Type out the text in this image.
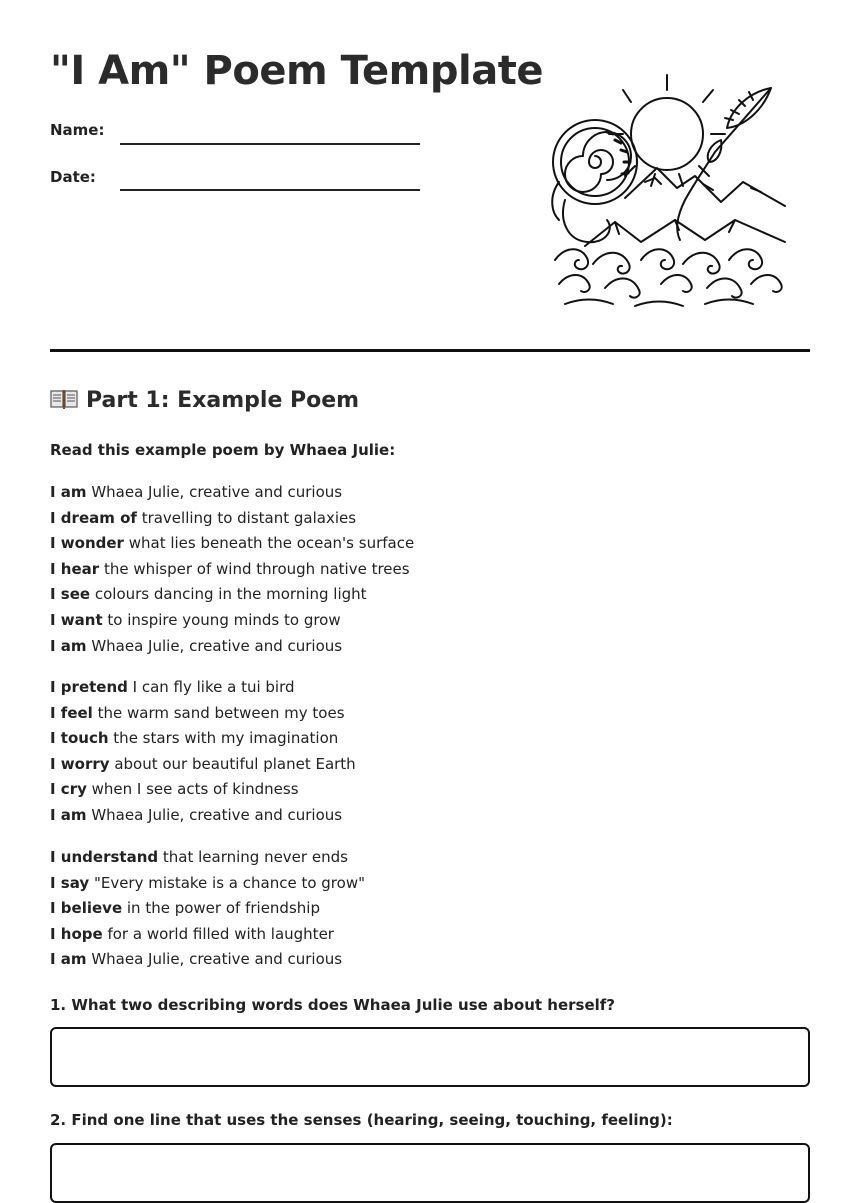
"I Am" Poem Template
Name:
Date:
Part 1: Example Poem
Read this example poem by Whaea Julie:
I am Whaea Julie, creative and curious
I dream of travelling to distant galaxies
I wonder what lies beneath the ocean's surface
I hear the whisper of wind through native trees
I see colours dancing in the morning light
I want to inspire young minds to grow
I am Whaea Julie, creative and curious
I pretend I can fly like a tui bird
I feel the warm sand between my toes
I touch the stars with my imagination
I worry about our beautiful planet Earth
I cry when I see acts of kindness
I am Whaea Julie, creative and curious
I understand that learning never ends
I say "Every mistake is a chance to grow"
I believe in the power of friendship
I hope for a world filled with laughter
I am Whaea Julie, creative and curious
1. What two describing words does Whaea Julie use about herself?
2. Find one line that uses the senses (hearing, seeing, touching, feeling):
